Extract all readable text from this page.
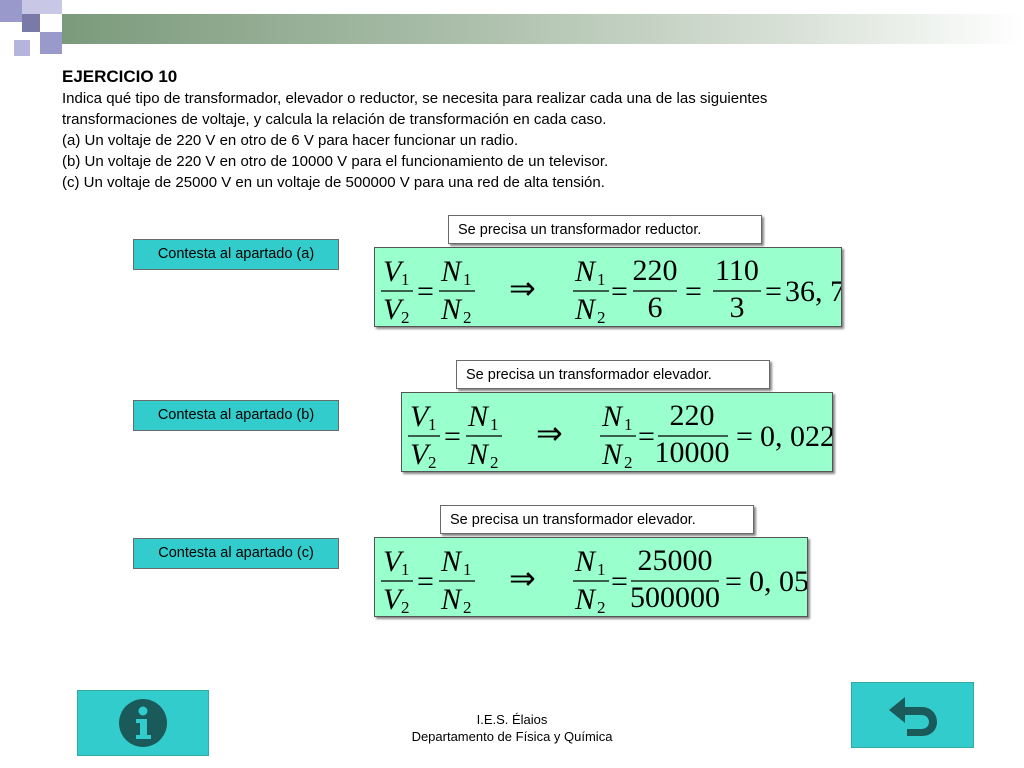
EJERCICIO 10
Indica qué tipo de transformador, elevador o reductor, se necesita para realizar cada una de las siguientes
transformaciones de voltaje, y calcula la relación de transformación en cada caso.
(a) Un voltaje de 220 V en otro de 6 V para hacer funcionar un radio.
(b) Un voltaje de 220 V en otro de 10000 V para el funcionamiento de un televisor.
(c) Un voltaje de 25000 V en un voltaje de 500000 V para una red de alta tensión.
Se precisa un transformador reductor.
Contesta al apartado (a)
V 1
V 2
=
N 1
N 2
⇒ N 1
N 2
=
220
6 =
110
3 = 36, 7
Se precisa un transformador elevador.
Contesta al apartado (b)	V 1
V 2
=
N 1
N 2
⇒ N 1
N 2
=
220
10000 = 0, 022
Se precisa un transformador elevador.
Contesta al apartado (c)	V 1
V 2
=
N 1
N 2
⇒ N 1
N 2
=
25000
500000 = 0, 05
I.E.S. Élaios
Departamento de Física y Química
